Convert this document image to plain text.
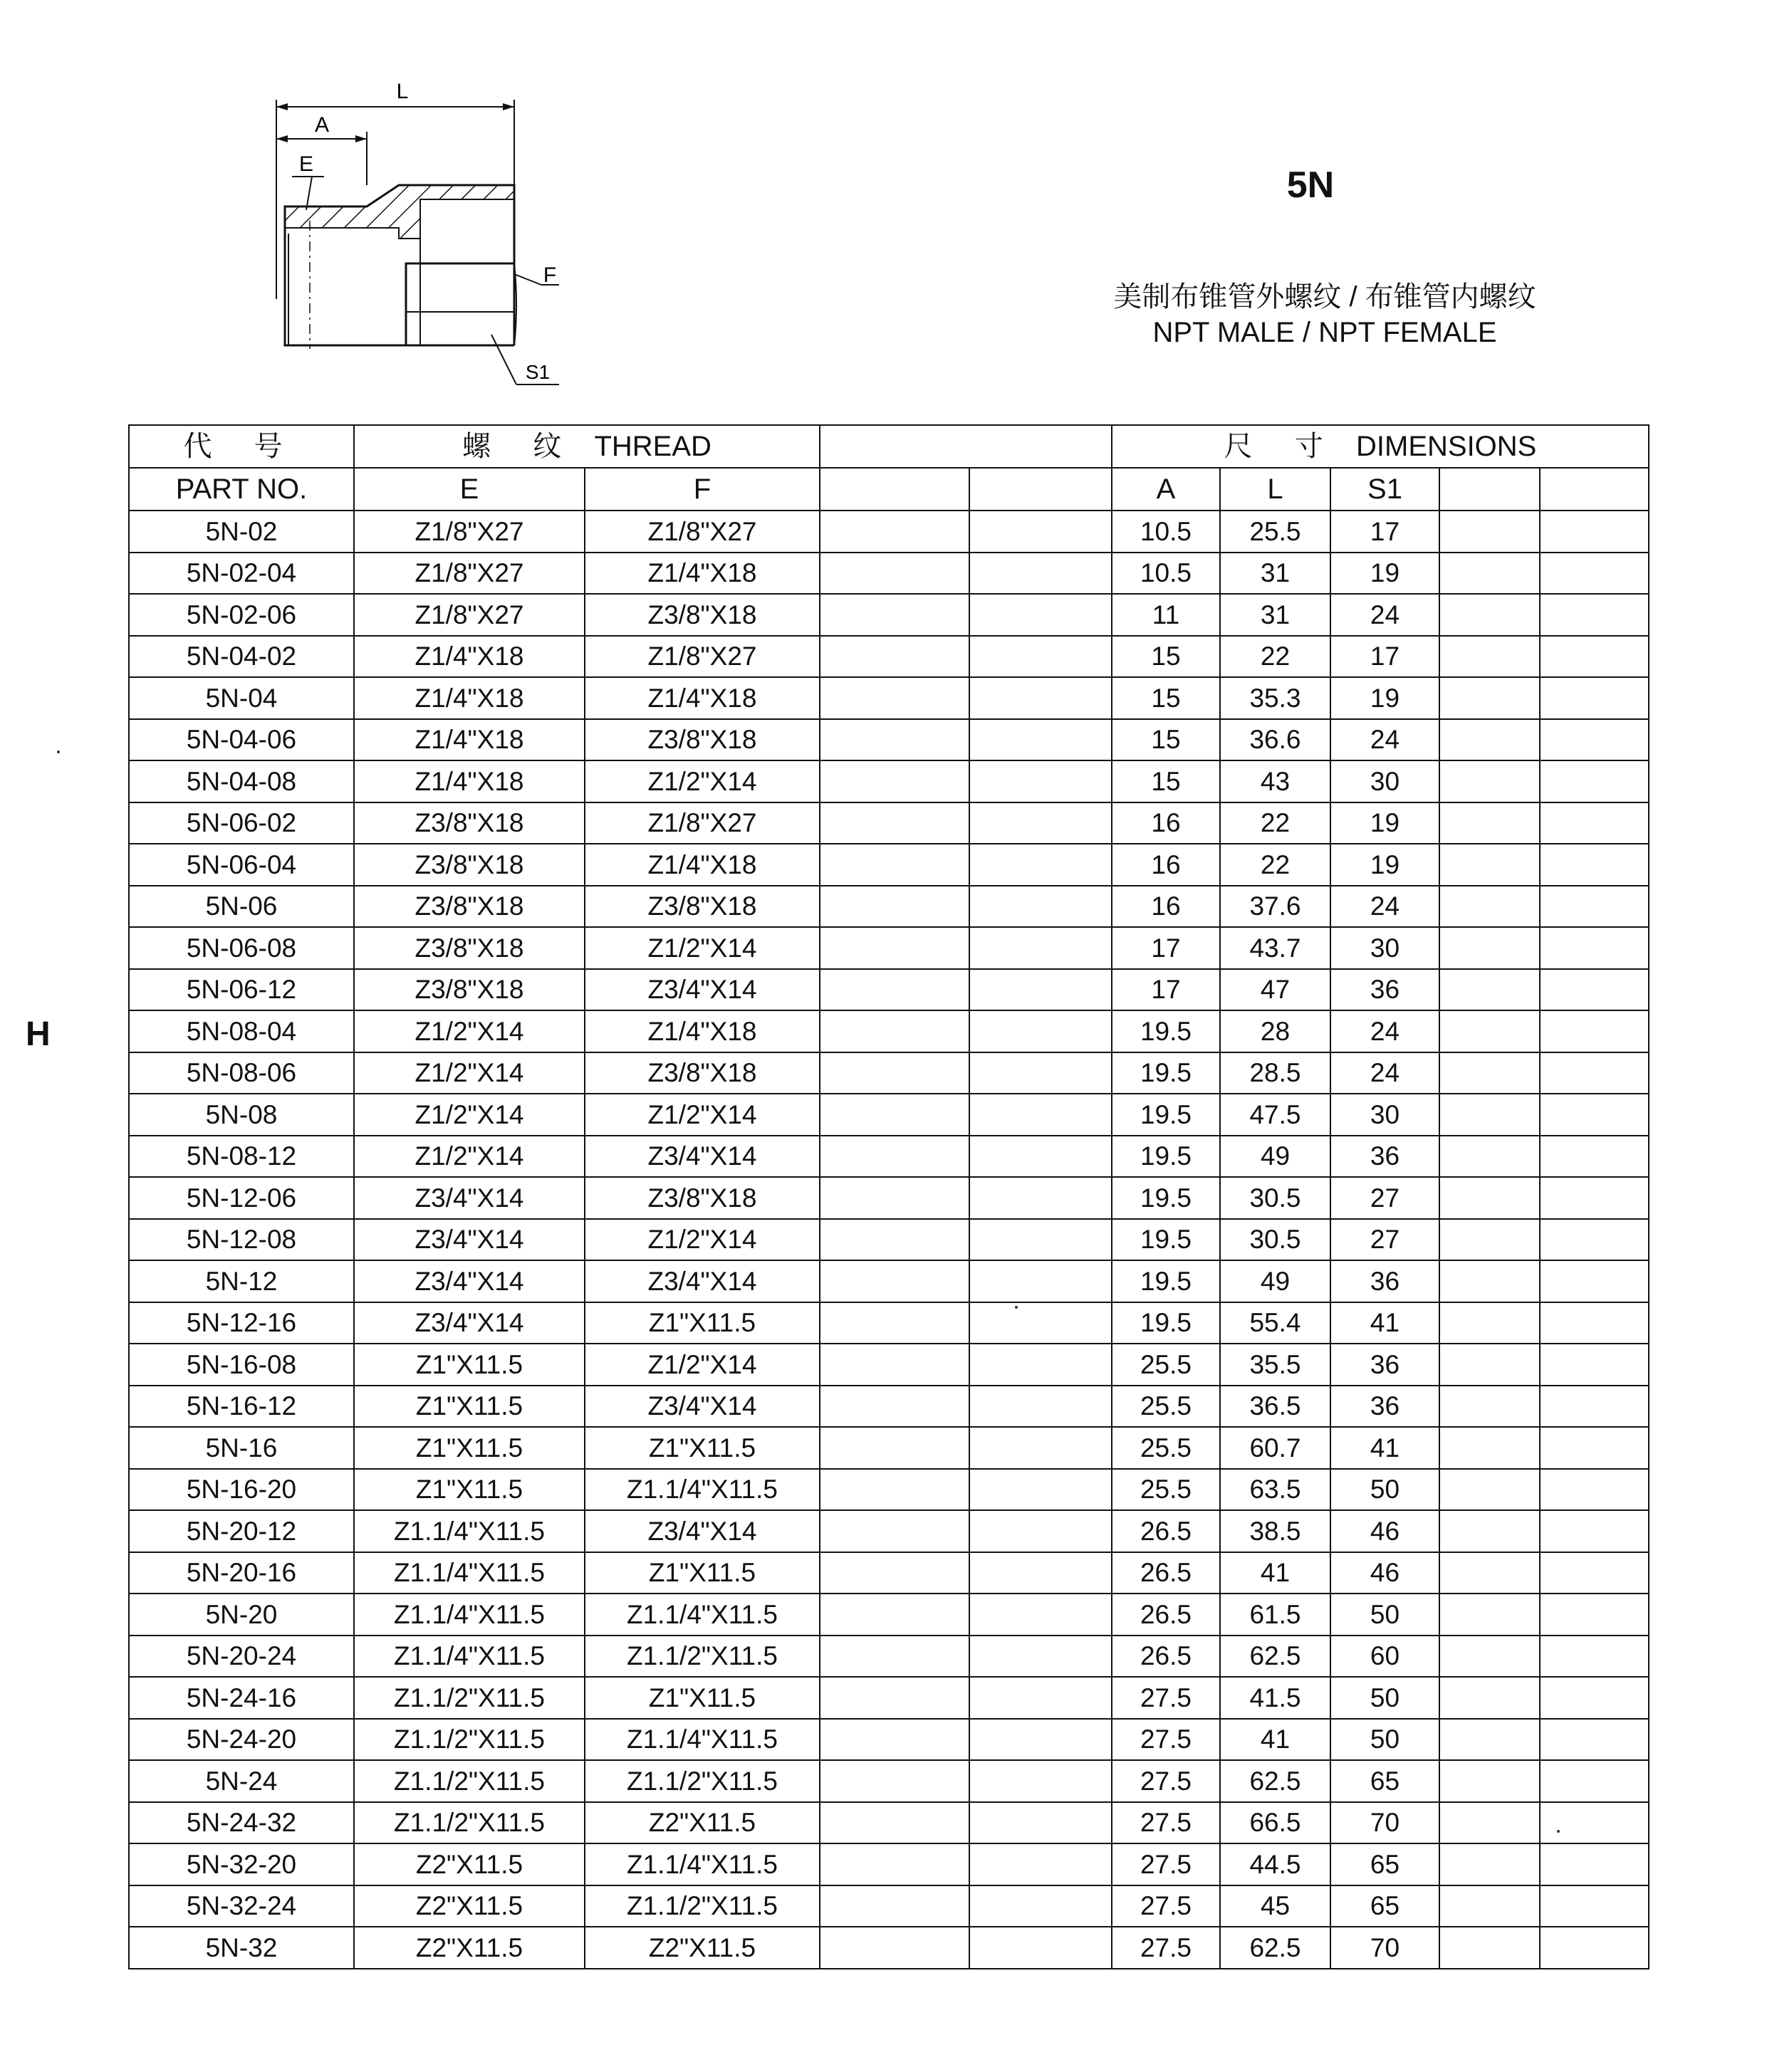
L
A
E
F
S1
5N
美制布锥管外螺纹 / 布锥管内螺纹
NPT MALE / NPT FEMALE
H
代 号	螺 纹 THREAD				尺 寸 DIMENSIONS				
PART NO.	E	F			A	L	S1		
5N-02	Z1/8"X27	Z1/8"X27			10.5	25.5	17		
5N-02-04	Z1/8"X27	Z1/4"X18			10.5	31	19		
5N-02-06	Z1/8"X27	Z3/8"X18			11	31	24		
5N-04-02	Z1/4"X18	Z1/8"X27			15	22	17		
5N-04	Z1/4"X18	Z1/4"X18			15	35.3	19		
5N-04-06	Z1/4"X18	Z3/8"X18			15	36.6	24		
5N-04-08	Z1/4"X18	Z1/2"X14			15	43	30		
5N-06-02	Z3/8"X18	Z1/8"X27			16	22	19		
5N-06-04	Z3/8"X18	Z1/4"X18			16	22	19		
5N-06	Z3/8"X18	Z3/8"X18			16	37.6	24		
5N-06-08	Z3/8"X18	Z1/2"X14			17	43.7	30		
5N-06-12	Z3/8"X18	Z3/4"X14			17	47	36		
5N-08-04	Z1/2"X14	Z1/4"X18			19.5	28	24		
5N-08-06	Z1/2"X14	Z3/8"X18			19.5	28.5	24		
5N-08	Z1/2"X14	Z1/2"X14			19.5	47.5	30		
5N-08-12	Z1/2"X14	Z3/4"X14			19.5	49	36		
5N-12-06	Z3/4"X14	Z3/8"X18			19.5	30.5	27		
5N-12-08	Z3/4"X14	Z1/2"X14			19.5	30.5	27		
5N-12	Z3/4"X14	Z3/4"X14			19.5	49	36		
5N-12-16	Z3/4"X14	Z1"X11.5			19.5	55.4	41		
5N-16-08	Z1"X11.5	Z1/2"X14			25.5	35.5	36		
5N-16-12	Z1"X11.5	Z3/4"X14			25.5	36.5	36		
5N-16	Z1"X11.5	Z1"X11.5			25.5	60.7	41		
5N-16-20	Z1"X11.5	Z1.1/4"X11.5			25.5	63.5	50		
5N-20-12	Z1.1/4"X11.5	Z3/4"X14			26.5	38.5	46		
5N-20-16	Z1.1/4"X11.5	Z1"X11.5			26.5	41	46		
5N-20	Z1.1/4"X11.5	Z1.1/4"X11.5			26.5	61.5	50		
5N-20-24	Z1.1/4"X11.5	Z1.1/2"X11.5			26.5	62.5	60		
5N-24-16	Z1.1/2"X11.5	Z1"X11.5			27.5	41.5	50		
5N-24-20	Z1.1/2"X11.5	Z1.1/4"X11.5			27.5	41	50		
5N-24	Z1.1/2"X11.5	Z1.1/2"X11.5			27.5	62.5	65		
5N-24-32	Z1.1/2"X11.5	Z2"X11.5			27.5	66.5	70		
5N-32-20	Z2"X11.5	Z1.1/4"X11.5			27.5	44.5	65		
5N-32-24	Z2"X11.5	Z1.1/2"X11.5			27.5	45	65		
5N-32	Z2"X11.5	Z2"X11.5			27.5	62.5	70		
